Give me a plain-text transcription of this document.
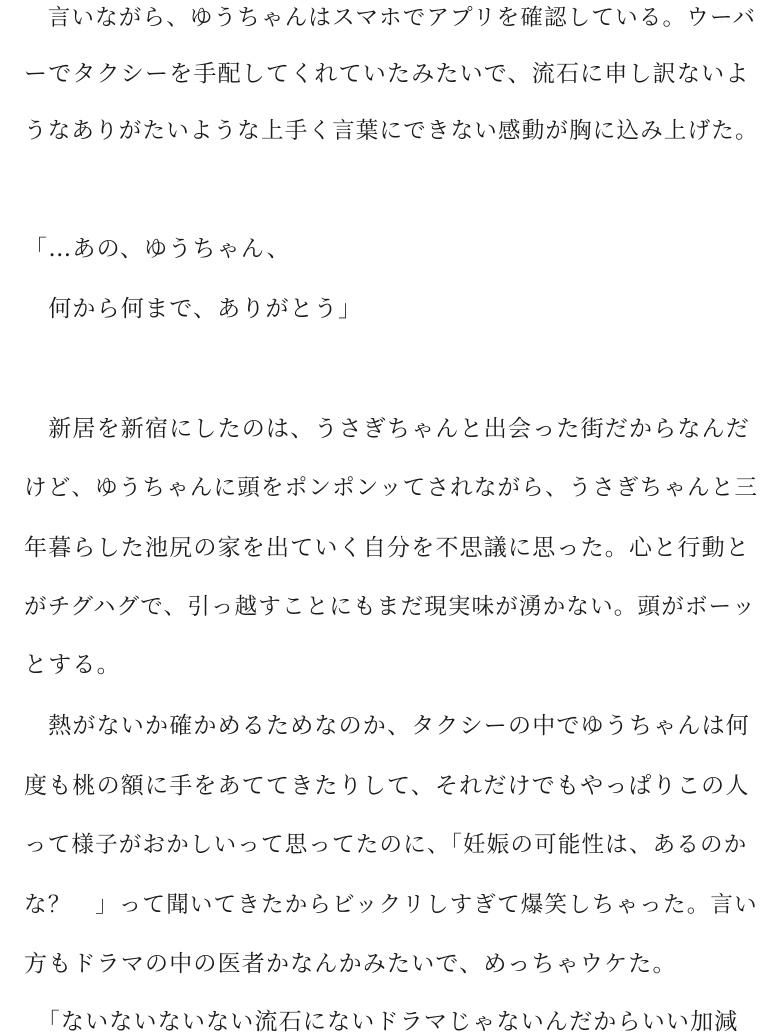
　言いながら、ゆうちゃんはスマホでアプリを確認している。ウーバ

ーでタクシーを手配してくれていたみたいで、流石に申し訳ないよ

うなありがたいような上手く言葉にできない感動が胸に込み上げた。

「…あの、ゆうちゃん、

　何から何まで、ありがとう」

　新居を新宿にしたのは、うさぎちゃんと出会った街だからなんだ

けど、ゆうちゃんに頭をポンポンッてされながら、うさぎちゃんと三

年暮らした池尻の家を出ていく自分を不思議に思った。心と行動と

がチグハグで、引っ越すことにもまだ現実味が湧かない。頭がボーッ

とする。

　熱がないか確かめるためなのか、タクシーの中でゆうちゃんは何

度も桃の額に手をあててきたりして、それだけでもやっぱりこの人

って様子がおかしいって思ってたのに、「妊娠の可能性は、あるのか

な？　」って聞いてきたからビックリしすぎて爆笑しちゃった。言い

方もドラマの中の医者かなんかみたいで、めっちゃウケた。

　「ないないないない流石にないドラマじゃないんだからいい加減
